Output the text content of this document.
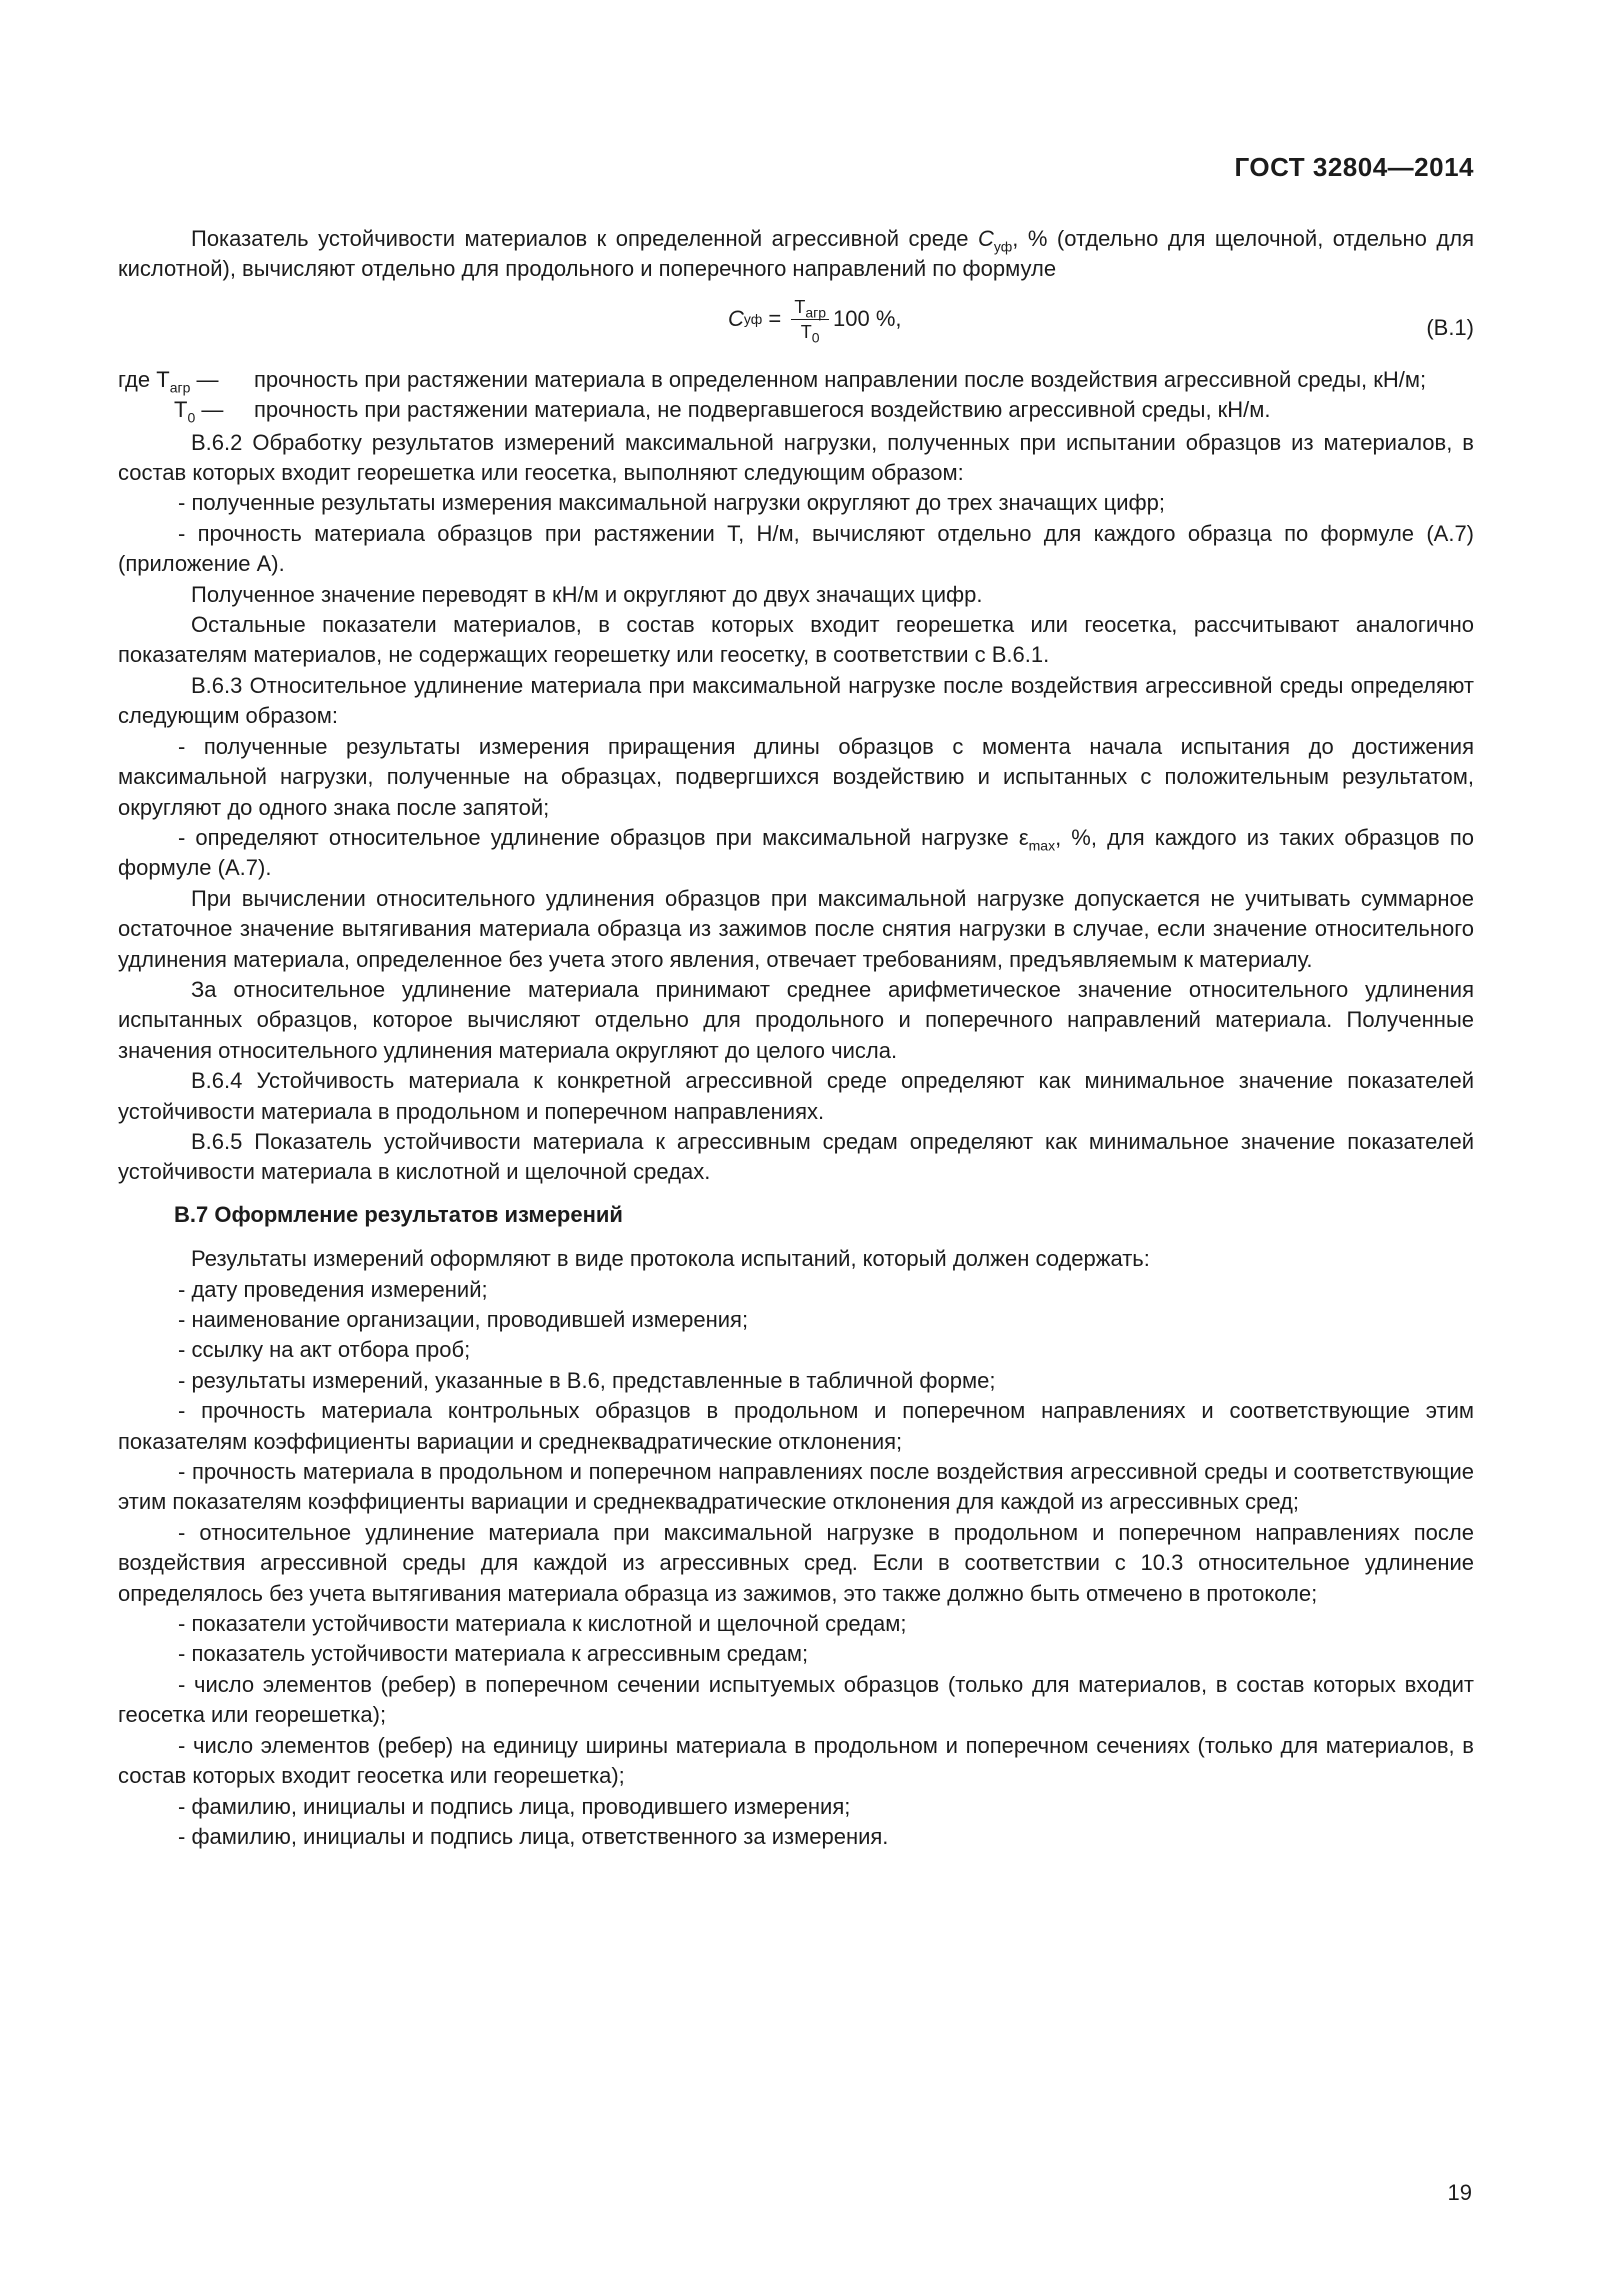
ГОСТ 32804—2014

Показатель устойчивости материалов к определенной агрессивной среде $C_{уф}$, % (отдельно для щелочной, отдельно для кислотной), вычисляют отдельно для продольного и поперечного направлений по формуле

C уф = $\frac{T_{агр}}{T_0} 100$ %,	(В.1)
где $T_{агр}$ —	прочность при растяжении материала в определенном направлении после воздействия агрессивной среды, кН/м;
$T_0$ —	прочность при растяжении материала, не подвергавшегося воздействию агрессивной среды, кН/м.

В.6.2 Обработку результатов измерений максимальной нагрузки, полученных при испытании образцов из материалов, в состав которых входит георешетка или геосетка, выполняют следующим образом:

- полученные результаты измерения максимальной нагрузки округляют до трех значащих цифр;

- прочность материала образцов при растяжении T, Н/м, вычисляют отдельно для каждого образца по формуле (А.7) (приложение А).

Полученное значение переводят в кН/м и округляют до двух значащих цифр.

Остальные показатели материалов, в состав которых входит георешетка или геосетка, рассчитывают аналогично показателям материалов, не содержащих георешетку или геосетку, в соответствии с В.6.1.

В.6.3 Относительное удлинение материала при максимальной нагрузке после воздействия агрессивной среды определяют следующим образом:

- полученные результаты измерения приращения длины образцов с момента начала испытания до достижения максимальной нагрузки, полученные на образцах, подвергшихся воздействию и испытанных с положительным результатом, округляют до одного знака после запятой;

- определяют относительное удлинение образцов при максимальной нагрузке $\varepsilon_{max}$, %, для каждого из таких образцов по формуле (А.7).

При вычислении относительного удлинения образцов при максимальной нагрузке допускается не учитывать суммарное остаточное значение вытягивания материала образца из зажимов после снятия нагрузки в случае, если значение относительного удлинения материала, определенное без учета этого явления, отвечает требованиям, предъявляемым к материалу.

За относительное удлинение материала принимают среднее арифметическое значение относительного удлинения испытанных образцов, которое вычисляют отдельно для продольного и поперечного направлений материала. Полученные значения относительного удлинения материала округляют до целого числа.

В.6.4 Устойчивость материала к конкретной агрессивной среде определяют как минимальное значение показателей устойчивости материала в продольном и поперечном направлениях.

В.6.5 Показатель устойчивости материала к агрессивным средам определяют как минимальное значение показателей устойчивости материала в кислотной и щелочной средах.

В.7 Оформление результатов измерений

Результаты измерений оформляют в виде протокола испытаний, который должен содержать:

- дату проведения измерений;

- наименование организации, проводившей измерения;

- ссылку на акт отбора проб;

- результаты измерений, указанные в В.6, представленные в табличной форме;

- прочность материала контрольных образцов в продольном и поперечном направлениях и соответствующие этим показателям коэффициенты вариации и среднеквадратические отклонения;

- прочность материала в продольном и поперечном направлениях после воздействия агрессивной среды и соответствующие этим показателям коэффициенты вариации и среднеквадратические отклонения для каждой из агрессивных сред;

- относительное удлинение материала при максимальной нагрузке в продольном и поперечном направлениях после воздействия агрессивной среды для каждой из агрессивных сред. Если в соответствии с 10.3 относительное удлинение определялось без учета вытягивания материала образца из зажимов, это также должно быть отмечено в протоколе;

- показатели устойчивости материала к кислотной и щелочной средам;

- показатель устойчивости материала к агрессивным средам;

- число элементов (ребер) в поперечном сечении испытуемых образцов (только для материалов, в состав которых входит геосетка или георешетка);

- число элементов (ребер) на единицу ширины материала в продольном и поперечном сечениях (только для материалов, в состав которых входит геосетка или георешетка);

- фамилию, инициалы и подпись лица, проводившего измерения;

- фамилию, инициалы и подпись лица, ответственного за измерения.

19
